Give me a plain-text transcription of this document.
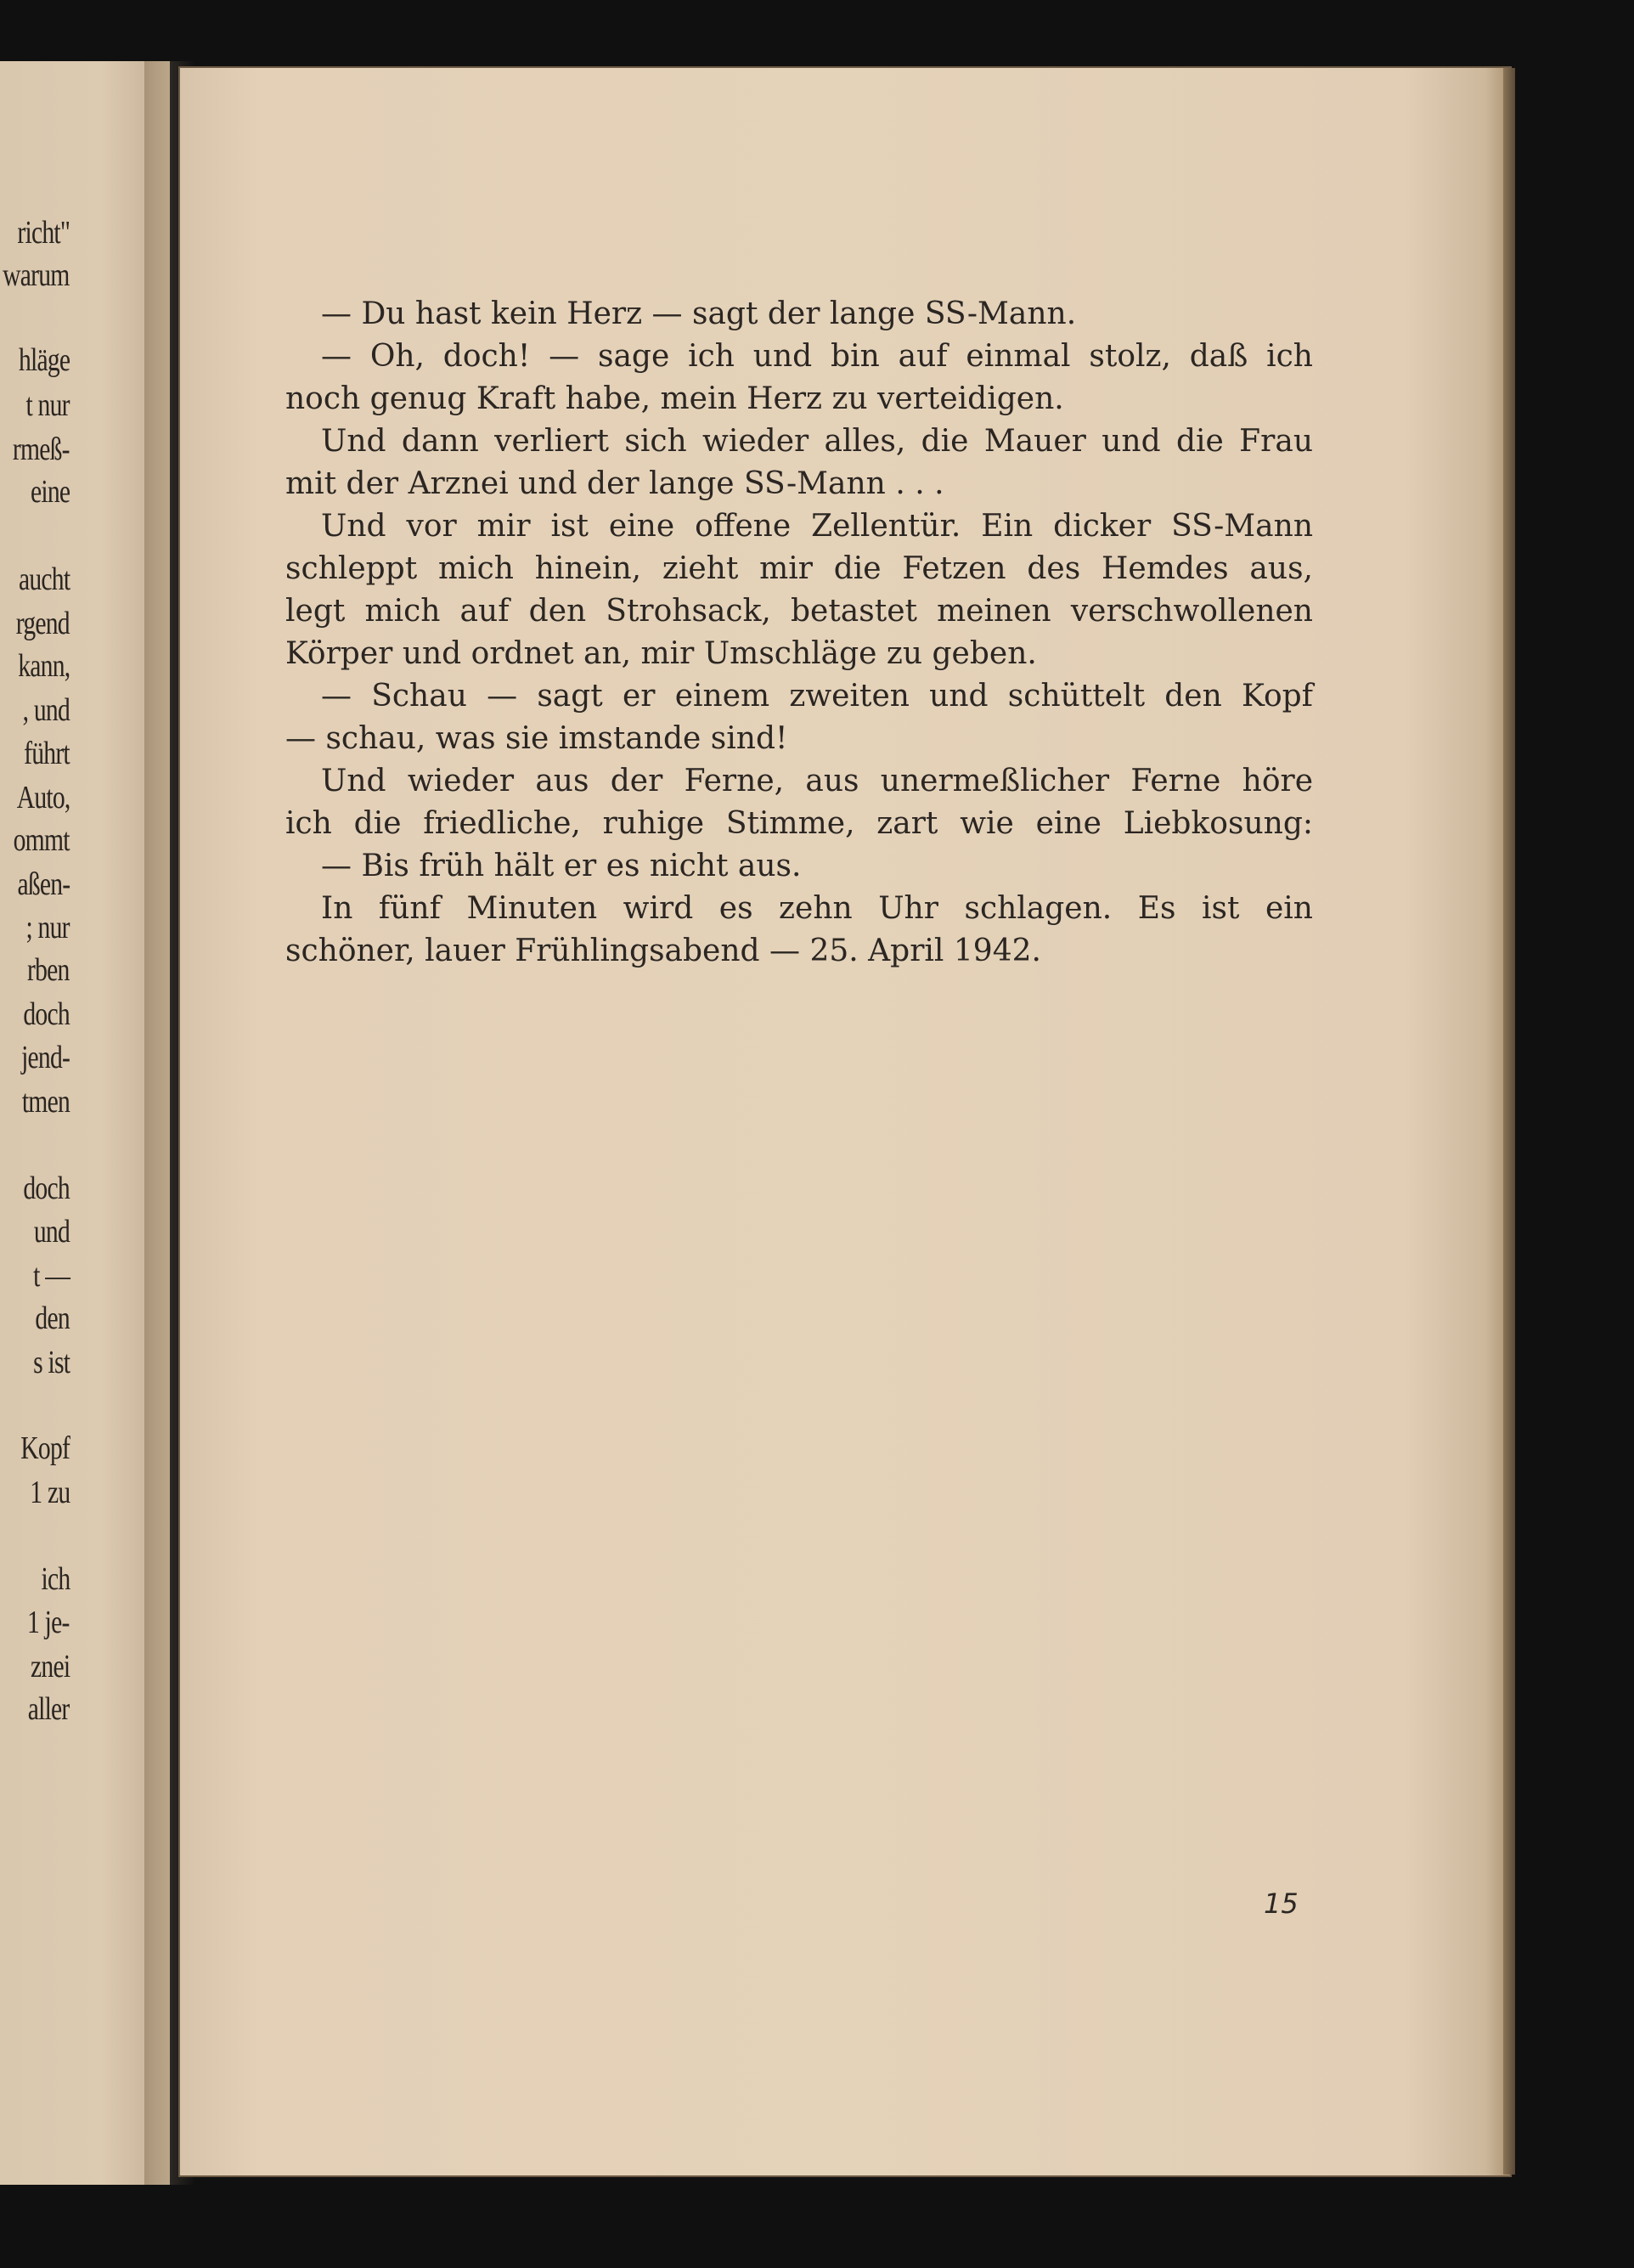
richt"
warum
hläge
t nur
rmeß-
eine
aucht
rgend
kann,
, und
führt
Auto,
ommt
aßen-
; nur
rben
doch
jend-
tmen
doch
und
t —
den
s ist
Kopf
1 zu
ich
1 je-
znei
aller
— Du hast kein Herz — sagt der lange SS-Mann.
— Oh, doch! — sage ich und bin auf einmal stolz, daß ich
noch genug Kraft habe, mein Herz zu verteidigen.
Und dann verliert sich wieder alles, die Mauer und die Frau
mit der Arznei und der lange SS-Mann . . .
Und vor mir ist eine offene Zellentür. Ein dicker SS-Mann
schleppt mich hinein, zieht mir die Fetzen des Hemdes aus,
legt mich auf den Strohsack, betastet meinen verschwollenen
Körper und ordnet an, mir Umschläge zu geben.
— Schau — sagt er einem zweiten und schüttelt den Kopf
— schau, was sie imstande sind!
Und wieder aus der Ferne, aus unermeßlicher Ferne höre
ich die friedliche, ruhige Stimme, zart wie eine Liebkosung:
— Bis früh hält er es nicht aus.
In fünf Minuten wird es zehn Uhr schlagen. Es ist ein
schöner, lauer Frühlingsabend — 25. April 1942.
15
